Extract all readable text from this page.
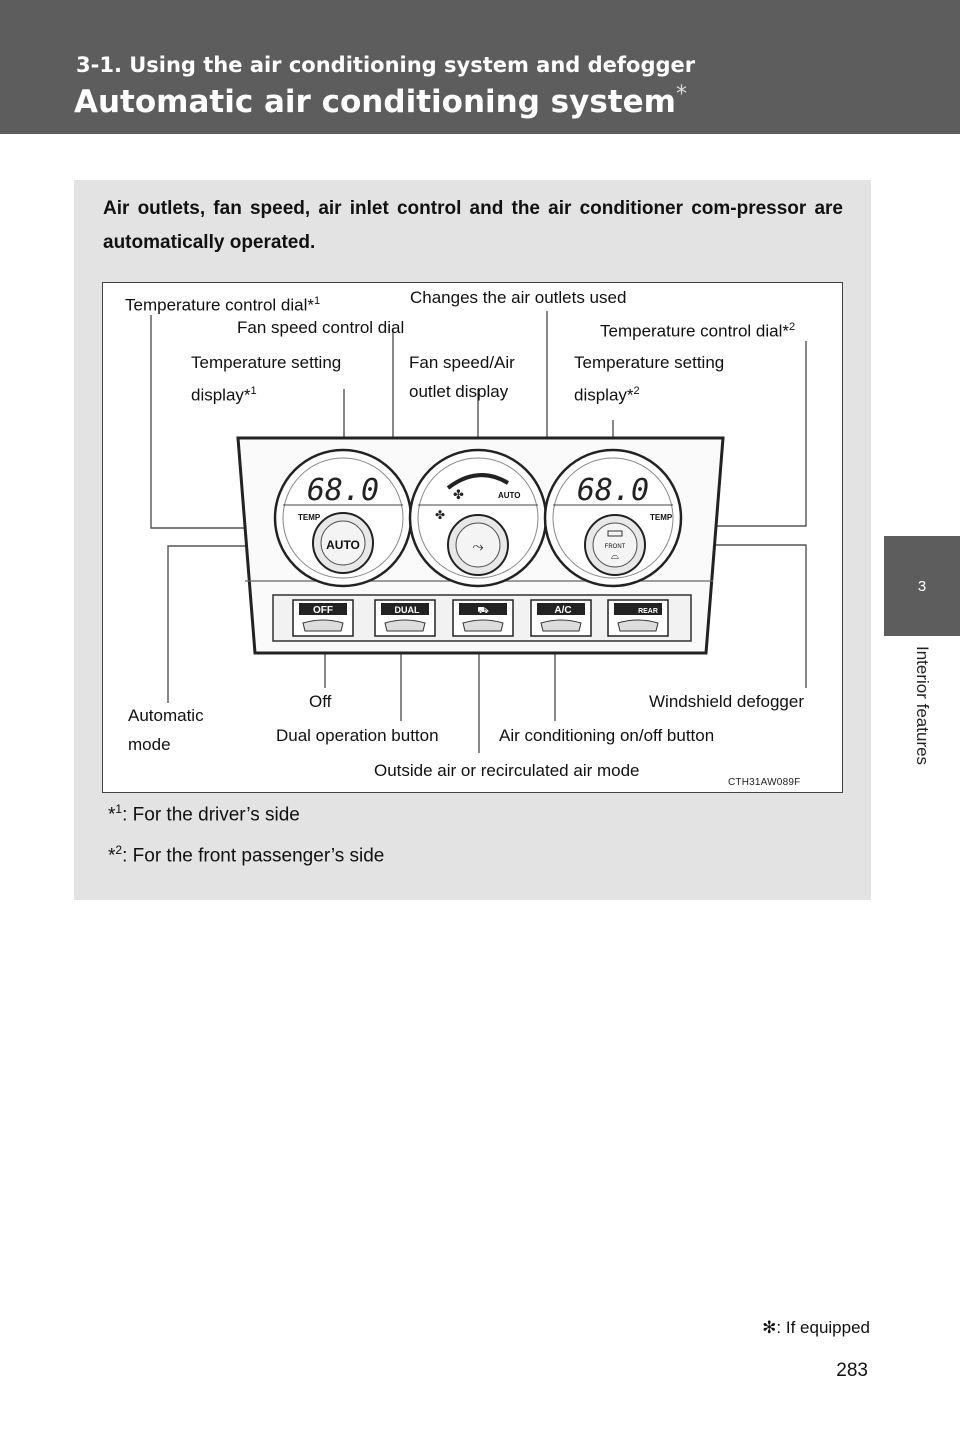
3-1. Using the air conditioning system and defogger
Automatic air conditioning system*
3
Interior features
Air outlets, fan speed, air inlet control and the air conditioner com-pressor are automatically operated.
AUTO
68.0
TEMP
AUTO
✤
✤
⤳	FRONT
⌓
68.0
TEMP
OFF	DUAL	⛟	A/C	REAR
Temperature control dial*$^1$	Changes the air outlets used
Fan speed control dial	Temperature control dial*$^2$
Temperature setting
display*$^1$
Fan speed/Air
outlet display
Temperature setting
display*$^2$
Automatic
mode
Off	Windshield defogger
Dual operation button	Air conditioning on/off button
Outside air or recirculated air mode
CTH31AW089F
*$^1$: For the driver’s side
*$^2$: For the front passenger’s side
✻: If equipped
283
